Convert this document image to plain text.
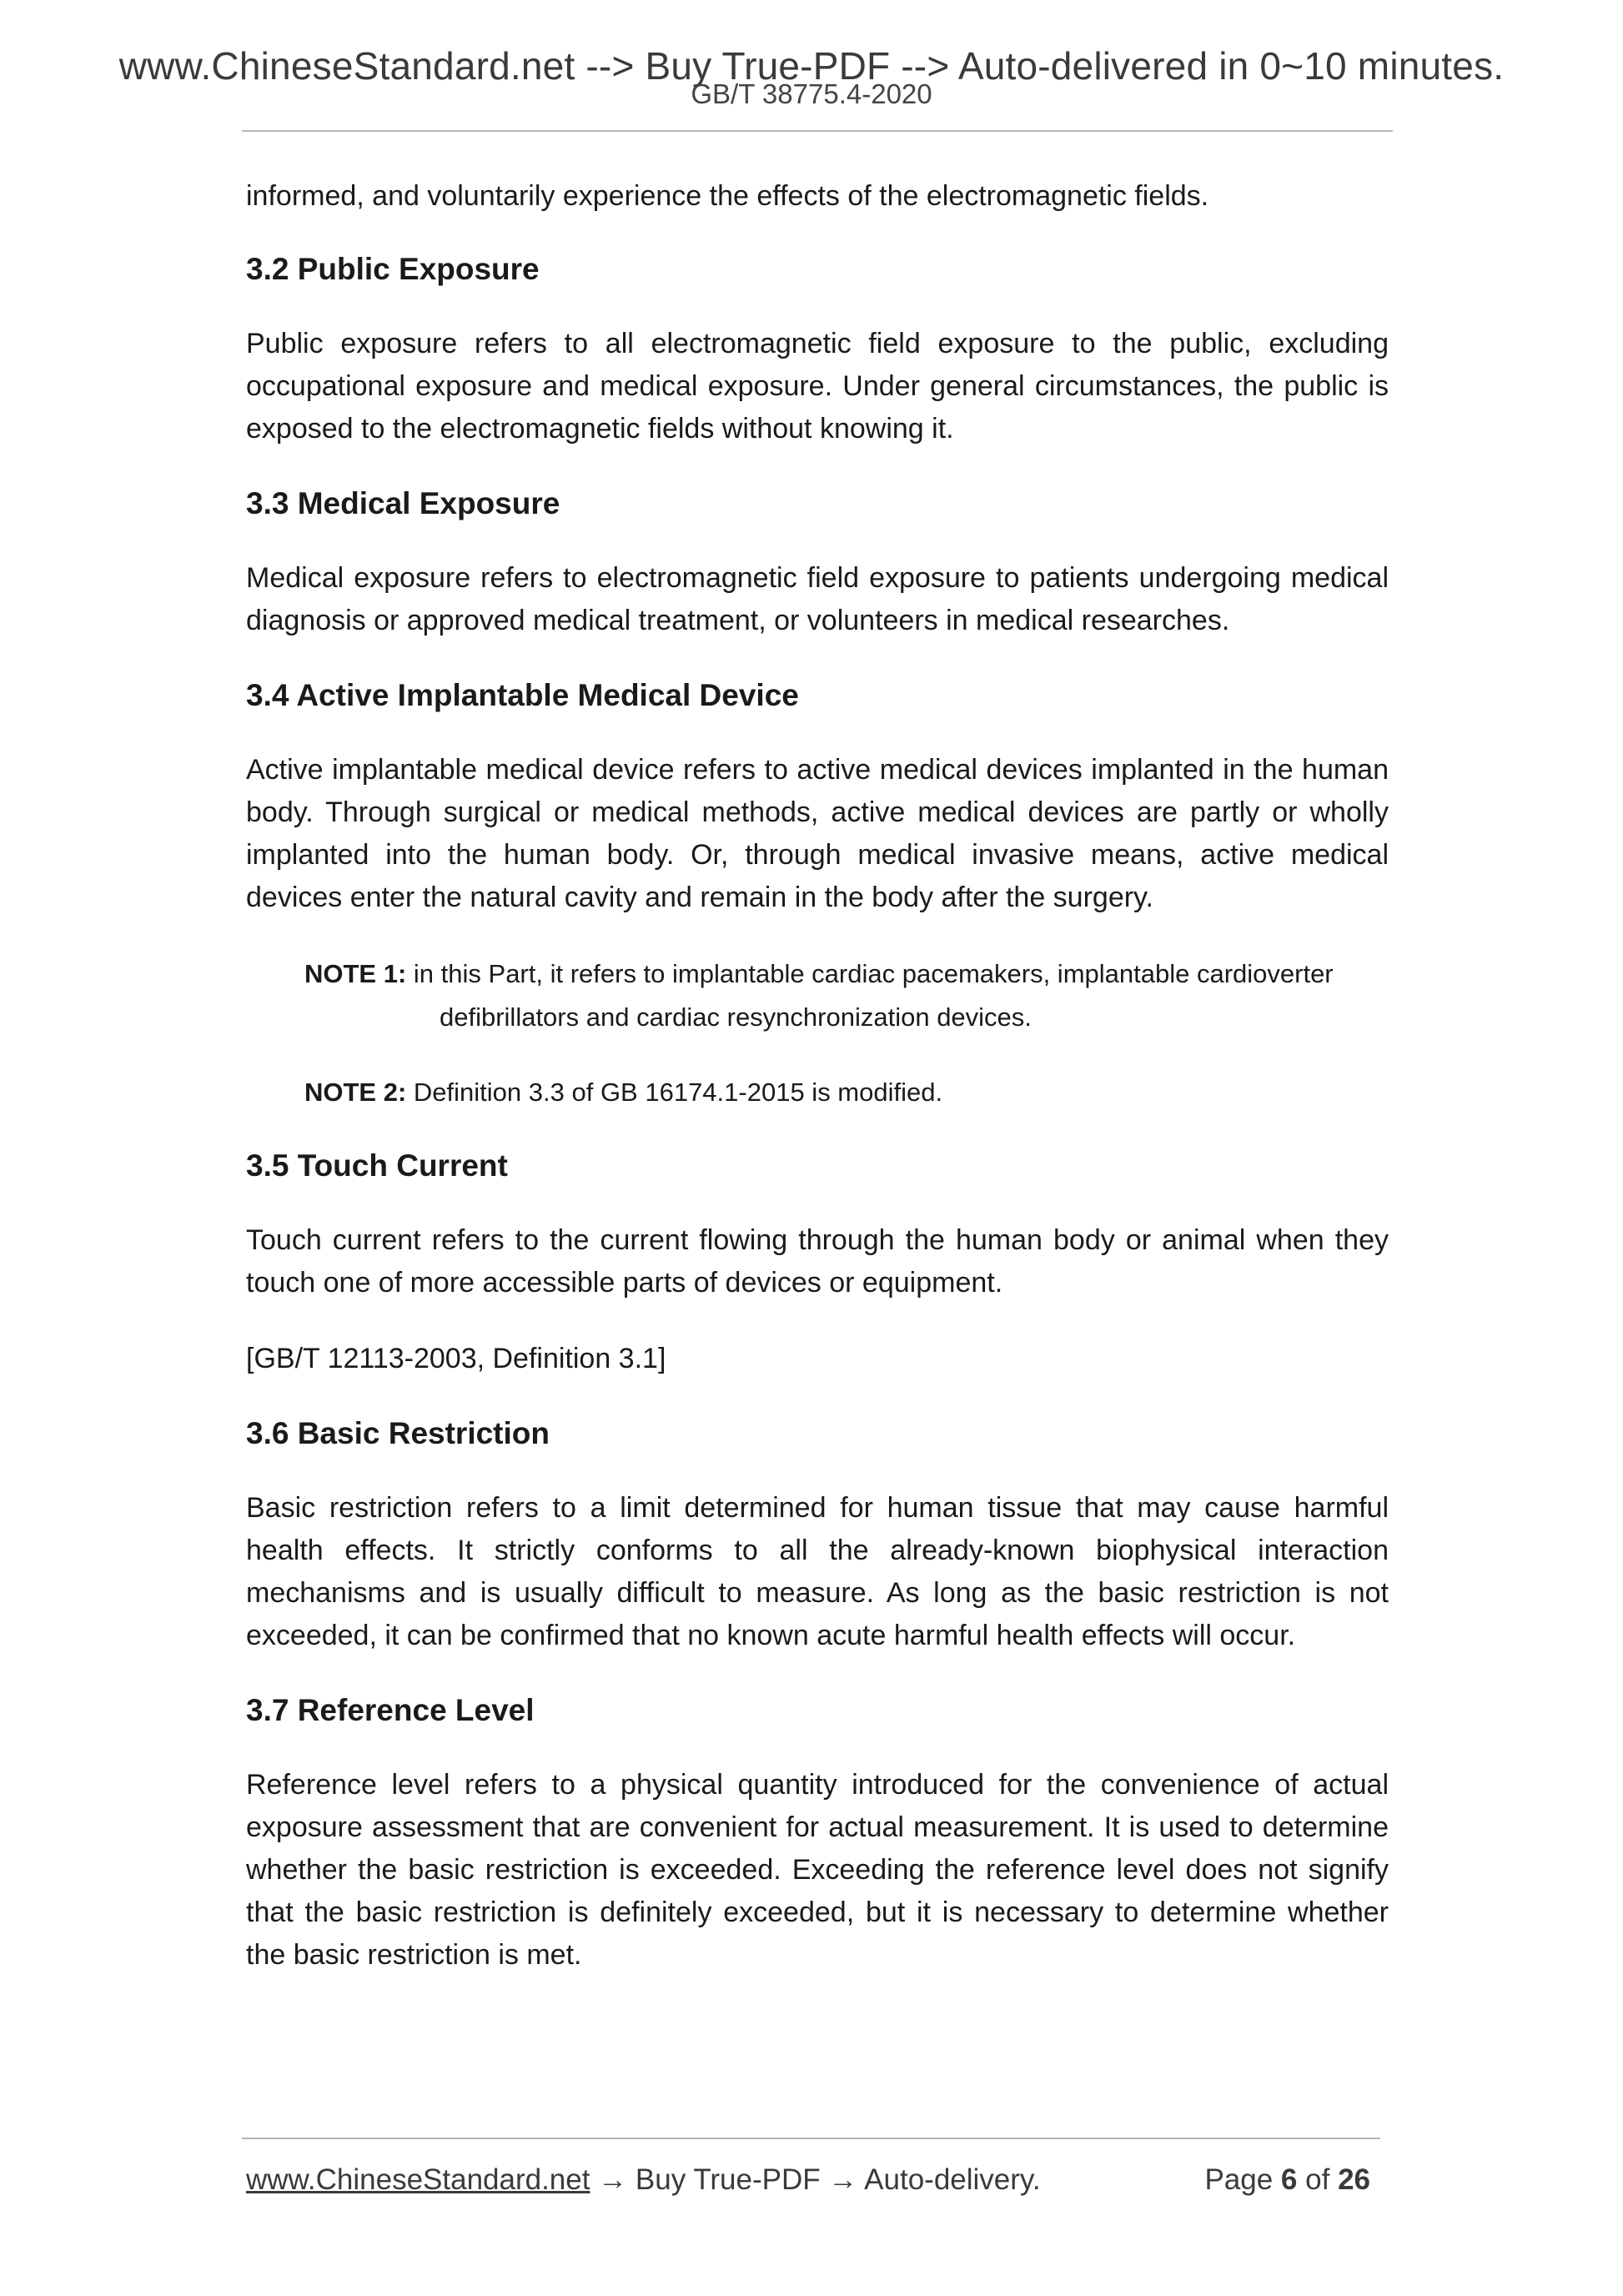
www.ChineseStandard.net --> Buy True-PDF --> Auto-delivered in 0~10 minutes.
GB/T 38775.4-2020

informed, and voluntarily experience the effects of the electromagnetic fields.

3.2 Public Exposure

Public exposure refers to all electromagnetic field exposure to the public, excluding occupational exposure and medical exposure. Under general circumstances, the public is exposed to the electromagnetic fields without knowing it.

3.3 Medical Exposure

Medical exposure refers to electromagnetic field exposure to patients undergoing medical diagnosis or approved medical treatment, or volunteers in medical researches.

3.4 Active Implantable Medical Device

Active implantable medical device refers to active medical devices implanted in the human body. Through surgical or medical methods, active medical devices are partly or wholly implanted into the human body. Or, through medical invasive means, active medical devices enter the natural cavity and remain in the body after the surgery.

NOTE 1: in this Part, it refers to implantable cardiac pacemakers, implantable cardioverter
defibrillators and cardiac resynchronization devices.

NOTE 2: Definition 3.3 of GB 16174.1-2015 is modified.

3.5 Touch Current

Touch current refers to the current flowing through the human body or animal when they touch one of more accessible parts of devices or equipment.

[GB/T 12113-2003, Definition 3.1]

3.6 Basic Restriction

Basic restriction refers to a limit determined for human tissue that may cause harmful health effects. It strictly conforms to all the already-known biophysical interaction mechanisms and is usually difficult to measure. As long as the basic restriction is not exceeded, it can be confirmed that no known acute harmful health effects will occur.

3.7 Reference Level

Reference level refers to a physical quantity introduced for the convenience of actual exposure assessment that are convenient for actual measurement. It is used to determine whether the basic restriction is exceeded. Exceeding the reference level does not signify that the basic restriction is definitely exceeded, but it is necessary to determine whether the basic restriction is met.

www.ChineseStandard.net → Buy True-PDF → Auto-delivery.	Page 6 of 26
